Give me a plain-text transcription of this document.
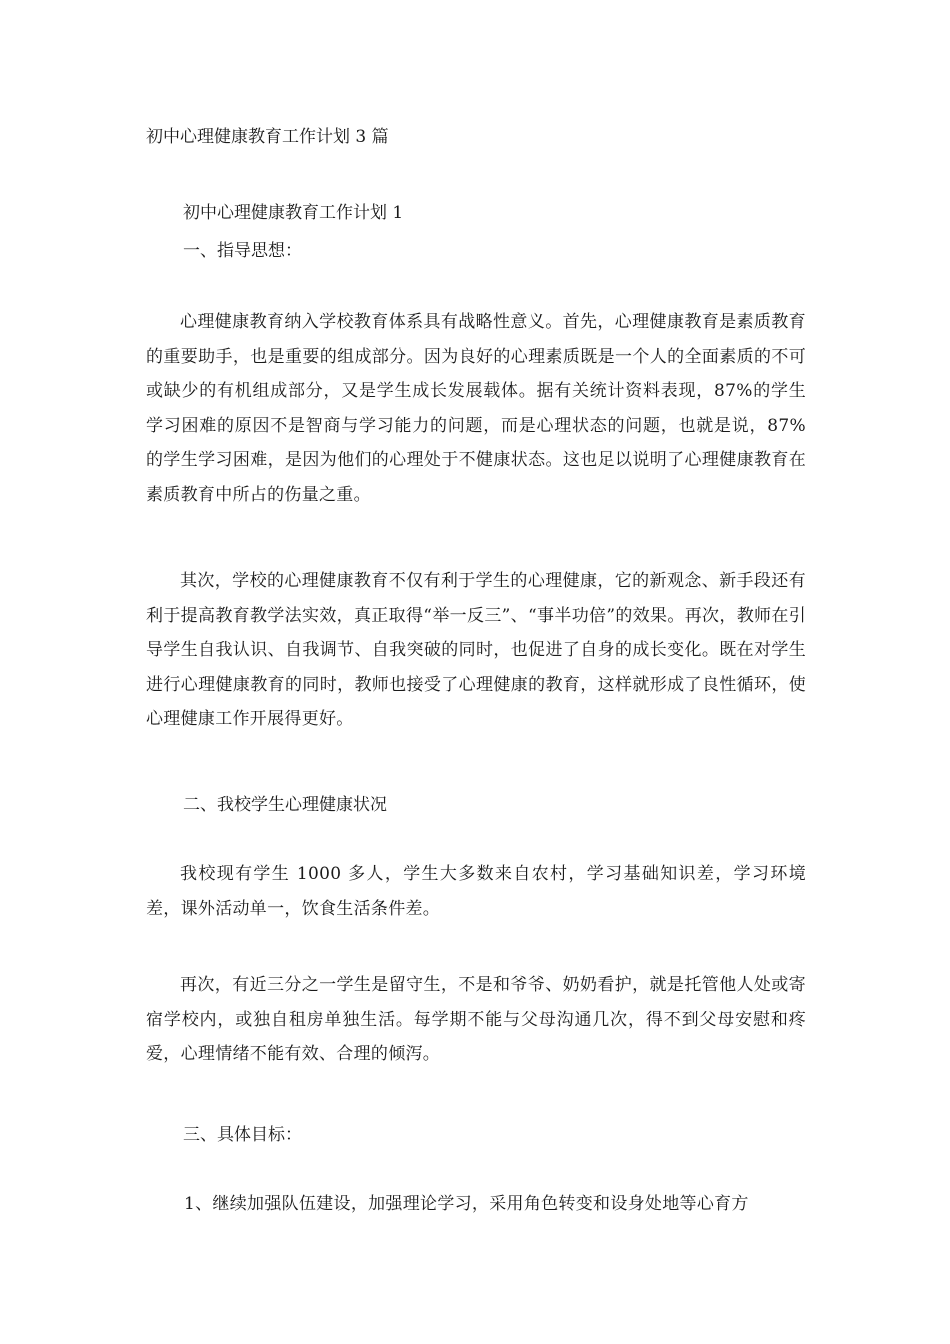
初中心理健康教育工作计划 3 篇
初中心理健康教育工作计划 1
一、指导思想：

心理健康教育纳入学校教育体系具有战略性意义。首先，心理健康教育是素质教育的重要助手，也是重要的组成部分。因为良好的心理素质既是一个人的全面素质的不可或缺少的有机组成部分，又是学生成长发展载体。据有关统计资料表现，87%的学生学习困难的原因不是智商与学习能力的问题，而是心理状态的问题，也就是说，87%的学生学习困难，是因为他们的心理处于不健康状态。这也足以说明了心理健康教育在素质教育中所占的伤量之重。

其次，学校的心理健康教育不仅有利于学生的心理健康，它的新观念、新手段还有利于提高教育教学法实效，真正取得“举一反三”、“事半功倍”的效果。再次，教师在引导学生自我认识、自我调节、自我突破的同时，也促进了自身的成长变化。既在对学生进行心理健康教育的同时，教师也接受了心理健康的教育，这样就形成了良性循环，使心理健康工作开展得更好。

二、我校学生心理健康状况

我校现有学生 1000 多人，学生大多数来自农村，学习基础知识差，学习环境差，课外活动单一，饮食生活条件差。

再次，有近三分之一学生是留守生，不是和爷爷、奶奶看护，就是托管他人处或寄宿学校内，或独自租房单独生活。每学期不能与父母沟通几次，得不到父母安慰和疼爱，心理情绪不能有效、合理的倾泻。

三、具体目标：

1、继续加强队伍建设，加强理论学习，采用角色转变和设身处地等心育方
